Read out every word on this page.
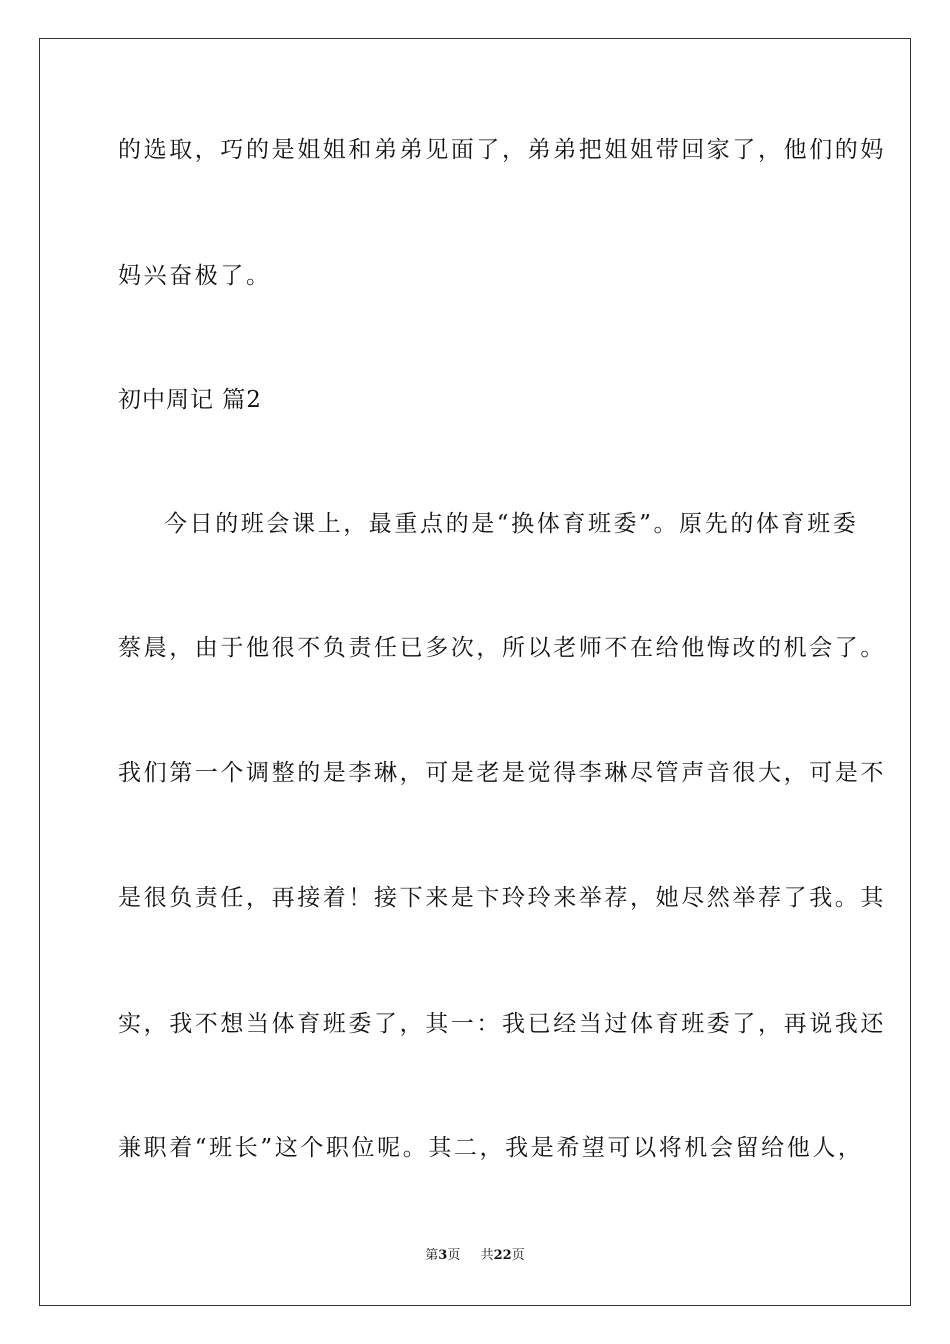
的选取，巧的是姐姐和弟弟见面了，弟弟把姐姐带回家了，他们的妈

妈兴奋极了。

初中周记 篇2

今日的班会课上，最重点的是“换体育班委”。原先的体育班委

蔡晨，由于他很不负责任已多次，所以老师不在给他悔改的机会了。

我们第一个调整的是李琳，可是老是觉得李琳尽管声音很大，可是不

是很负责任，再接着！接下来是卞玲玲来举荐，她尽然举荐了我。其

实，我不想当体育班委了，其一：我已经当过体育班委了，再说我还

兼职着“班长”这个职位呢。其二，我是希望可以将机会留给他人，

第3页 共22页
